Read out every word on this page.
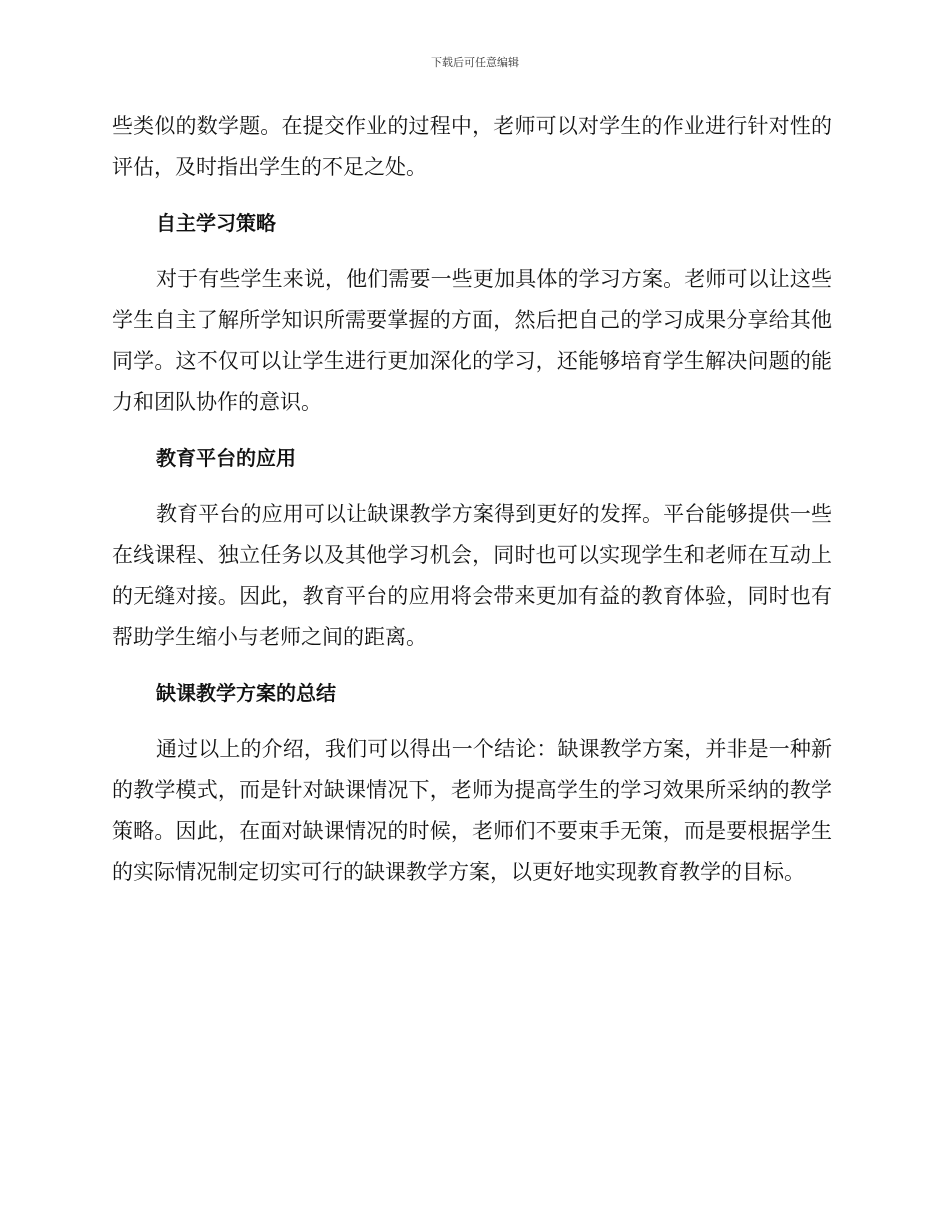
下载后可任意编辑

些类似的数学题。在提交作业的过程中，老师可以对学生的作业进行针对性的评估，及时指出学生的不足之处。

自主学习策略

对于有些学生来说，他们需要一些更加具体的学习方案。老师可以让这些学生自主了解所学知识所需要掌握的方面，然后把自己的学习成果分享给其他同学。这不仅可以让学生进行更加深化的学习，还能够培育学生解决问题的能力和团队协作的意识。

教育平台的应用

教育平台的应用可以让缺课教学方案得到更好的发挥。平台能够提供一些在线课程、独立任务以及其他学习机会，同时也可以实现学生和老师在互动上的无缝对接。因此，教育平台的应用将会带来更加有益的教育体验，同时也有帮助学生缩小与老师之间的距离。

缺课教学方案的总结

通过以上的介绍，我们可以得出一个结论：缺课教学方案，并非是一种新的教学模式，而是针对缺课情况下，老师为提高学生的学习效果所采纳的教学策略。因此，在面对缺课情况的时候，老师们不要束手无策，而是要根据学生的实际情况制定切实可行的缺课教学方案，以更好地实现教育教学的目标。
